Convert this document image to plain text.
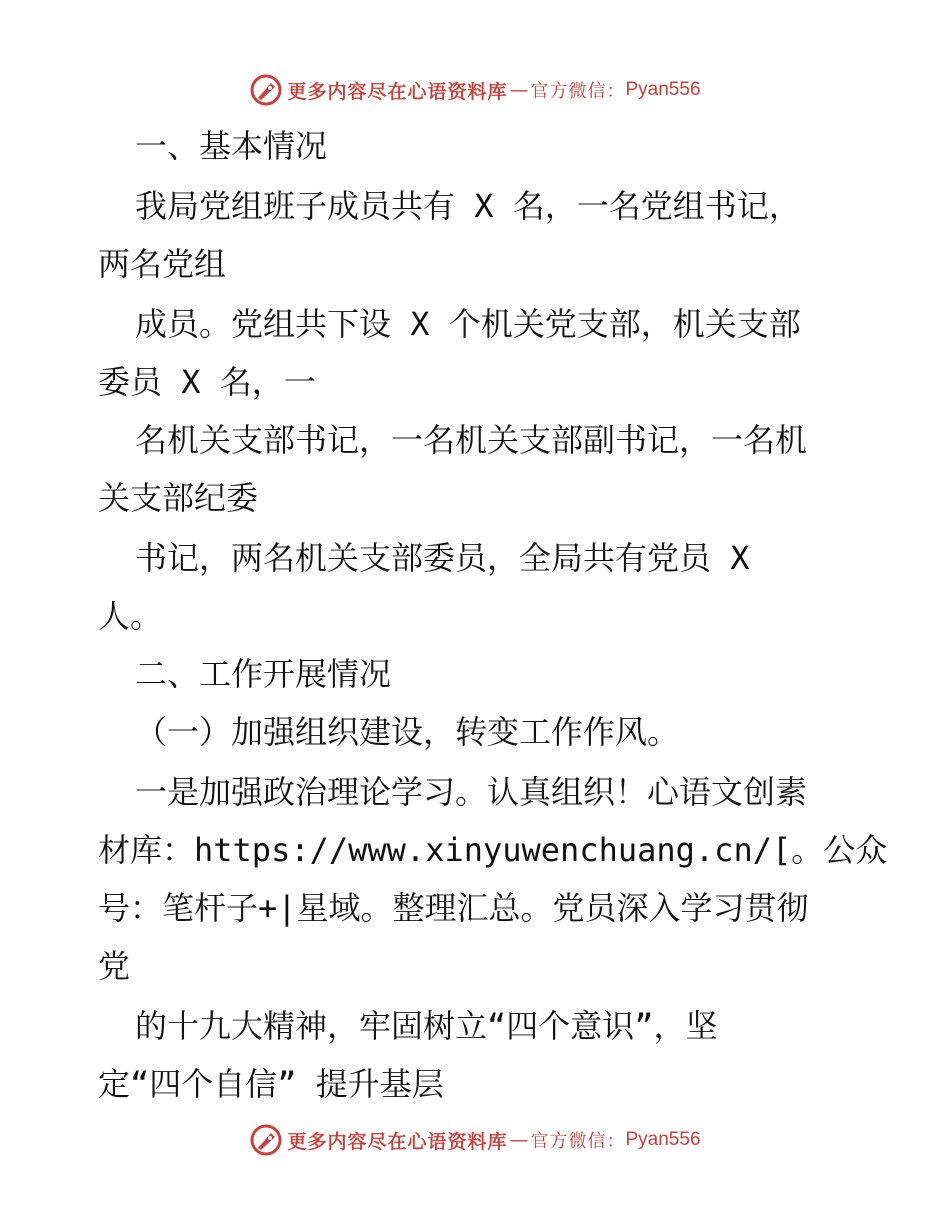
更多内容尽在心语资料库 — 官方微信： Pyan556
一、基本情况
我局党组班子成员共有 X 名，一名党组书记，
两名党组
成员。党组共下设 X 个机关党支部，机关支部
委员 X 名，一
名机关支部书记，一名机关支部副书记，一名机
关支部纪委
书记，两名机关支部委员，全局共有党员 X
人。
二、工作开展情况
（一）加强组织建设，转变工作作风。
一是加强政治理论学习。认真组织！心语文创素
材库：https://www.xinyuwenchuang.cn/[。公众
号：笔杆子+|星域。整理汇总。党员深入学习贯彻
党
的十九大精神，牢固树立“四个意识”，坚
定“四个自信” 提升基层
更多内容尽在心语资料库 — 官方微信： Pyan556
